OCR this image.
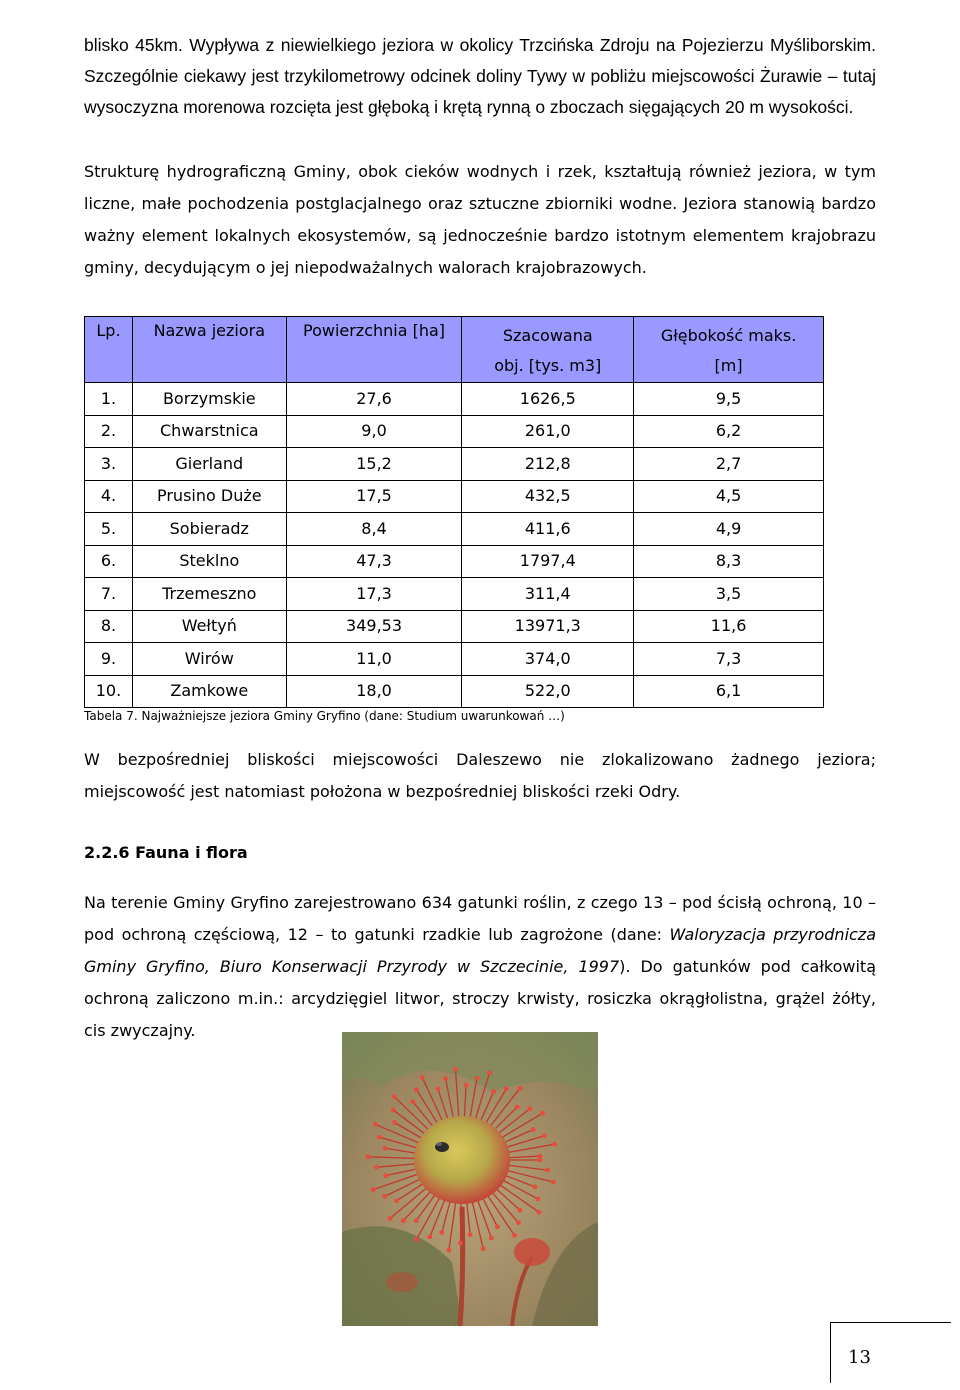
blisko 45km. Wypływa z niewielkiego jeziora w okolicy Trzcińska Zdroju na Pojezierzu Myśliborskim. Szczególnie ciekawy jest trzykilometrowy odcinek doliny Tywy w pobliżu miejscowości Żurawie – tutaj wysoczyzna morenowa rozcięta jest głęboką i krętą rynną o zboczach sięgających 20 m wysokości.

Strukturę hydrograficzną Gminy, obok cieków wodnych i rzek, kształtują również jeziora, w tym liczne, małe pochodzenia postglacjalnego oraz sztuczne zbiorniki wodne. Jeziora stanowią bardzo ważny element lokalnych ekosystemów, są jednocześnie bardzo istotnym elementem krajobrazu gminy, decydującym o jej niepodważalnych walorach krajobrazowych.

Lp.	Nazwa jeziora	Powierzchnia [ha]	Szacowana obj. [tys. m3]	Głębokość maks. [m]
1.	Borzymskie	27,6	1626,5	9,5
2.	Chwarstnica	9,0	261,0	6,2
3.	Gierland	15,2	212,8	2,7
4.	Prusino Duże	17,5	432,5	4,5
5.	Sobieradz	8,4	411,6	4,9
6.	Steklno	47,3	1797,4	8,3
7.	Trzemeszno	17,3	311,4	3,5
8.	Wełtyń	349,53	13971,3	11,6
9.	Wirów	11,0	374,0	7,3
10.	Zamkowe	18,0	522,0	6,1

Tabela 7. Najważniejsze jeziora Gminy Gryfino (dane: Studium uwarunkowań …)

W bezpośredniej bliskości miejscowości Daleszewo nie zlokalizowano żadnego jeziora; miejscowość jest natomiast położona w bezpośredniej bliskości rzeki Odry.

2.2.6 Fauna i flora

Na terenie Gminy Gryfino zarejestrowano 634 gatunki roślin, z czego 13 – pod ścisłą ochroną, 10 – pod ochroną częściową, 12 – to gatunki rzadkie lub zagrożone (dane: Waloryzacja przyrodnicza Gminy Gryfino, Biuro Konserwacji Przyrody w Szczecinie, 1997). Do gatunków pod całkowitą ochroną zaliczono m.in.: arcydzięgiel litwor, stroczy krwisty, rosiczka okrągłolistna, grążel żółty, cis zwyczajny.

13
